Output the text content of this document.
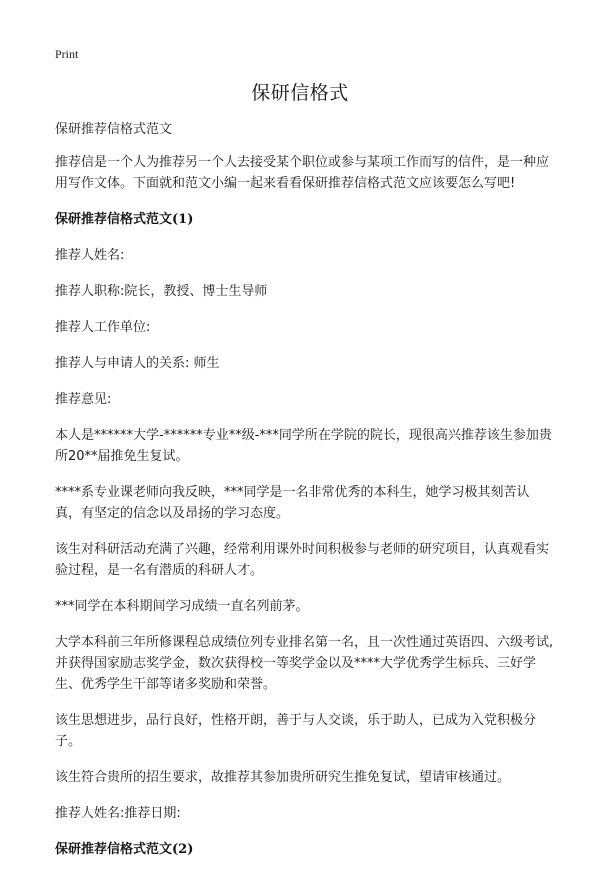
Print
保研信格式
保研推荐信格式范文
推荐信是一个人为推荐另一个人去接受某个职位或参与某项工作而写的信件，是一种应用写作文体。下面就和范文小编一起来看看保研推荐信格式范文应该要怎么写吧!
保研推荐信格式范文(1)
推荐人姓名:
推荐人职称:院长，教授、博士生导师
推荐人工作单位:
推荐人与申请人的关系: 师生
推荐意见:
本人是******大学-******专业**级-***同学所在学院的院长，现很高兴推荐该生参加贵所20**届推免生复试。
****系专业课老师向我反映，***同学是一名非常优秀的本科生，她学习极其刻苦认真，有坚定的信念以及昂扬的学习态度。
该生对科研活动充满了兴趣，经常利用课外时间积极参与老师的研究项目，认真观看实验过程，是一名有潜质的科研人才。
***同学在本科期间学习成绩一直名列前茅。
大学本科前三年所修课程总成绩位列专业排名第一名，且一次性通过英语四、六级考试,并获得国家励志奖学金，数次获得校一等奖学金以及****大学优秀学生标兵、三好学生、优秀学生干部等诸多奖励和荣誉。
该生思想进步，品行良好，性格开朗，善于与人交谈，乐于助人，已成为入党积极分子。
该生符合贵所的招生要求，故推荐其参加贵所研究生推免复试，望请审核通过。
推荐人姓名:推荐日期:
保研推荐信格式范文(2)
